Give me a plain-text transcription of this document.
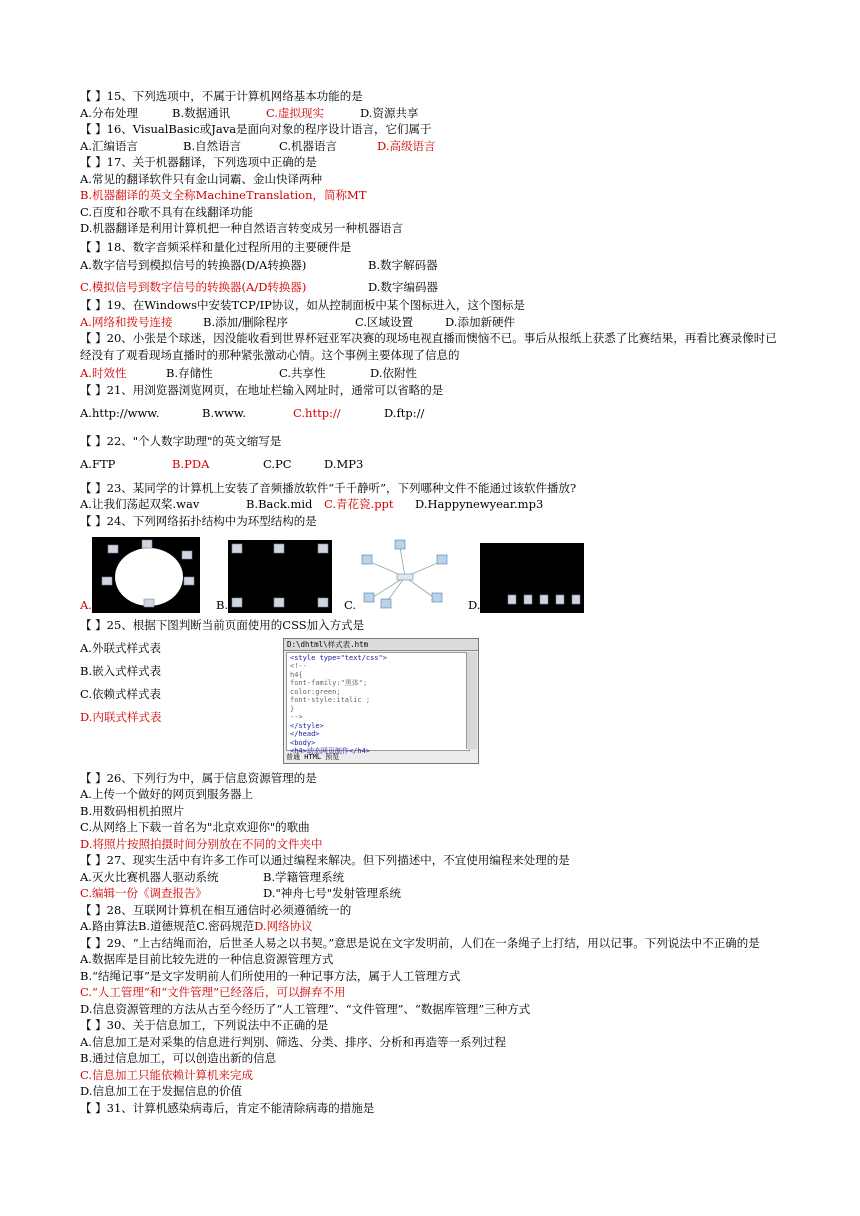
【 】15、下列选项中，不属于计算机网络基本功能的是
A.分布处理	B.数据通讯	C.虚拟现实	D.资源共享
【 】16、VisualBasic或Java是面向对象的程序设计语言，它们属于
A.汇编语言	B.自然语言	C.机器语言	D.高级语言
【 】17、关于机器翻译，下列选项中正确的是
A.常见的翻译软件只有金山词霸、金山快译两种
B.机器翻译的英文全称MachineTranslation，简称MT
C.百度和谷歌不具有在线翻译功能
D.机器翻译是利用计算机把一种自然语言转变成另一种机器语言
【 】18、数字音频采样和量化过程所用的主要硬件是
A.数字信号到模拟信号的转换器(D/A转换器)	B.数字解码器
C.模拟信号到数字信号的转换器(A/D转换器)	D.数字编码器
【 】19、在Windows中安装TCP/IP协议，如从控制面板中某个图标进入，这个图标是
A.网络和拨号连接	B.添加/删除程序	C.区域设置	D.添加新硬件
【 】20、小张是个球迷，因没能收看到世界杯冠亚军决赛的现场电视直播而懊恼不已。事后从报纸上获悉了比赛结果，再看比赛录像时已经没有了观看现场直播时的那种紧张激动心情。这个事例主要体现了信息的
A.时效性	B.存储性	C.共享性	D.依附性
【 】21、用浏览器浏览网页，在地址栏输入网址时，通常可以省略的是
A.http://www.	B.www.	C.http://	D.ftp://
【 】22、"个人数字助理"的英文缩写是
A.FTP	B.PDA	C.PC	D.MP3
【 】23、某同学的计算机上安装了音频播放软件“千千静听”，下列哪种文件不能通过该软件播放?
A.让我们荡起双桨.wav	B.Back.mid	C.青花瓷.ppt	D.Happynewyear.mp3
【 】24、下列网络拓扑结构中为环型结构的是
A.	B.	C.	D.
【 】25、根据下图判断当前页面使用的CSS加入方式是
A.外联式样式表
B.嵌入式样式表
C.依赖式样式表
D.内联式样式表
D:\dhtml\样式表.htm
<style type="text/css">
<!--
h4{
font-family:"黑体";
color:green;
font-style:italic ;
}
-->
</style>
</head>
<body>
<h4>动态网页制作</h4>
普通 HTML 预览
【 】26、下列行为中，属于信息资源管理的是
A.上传一个做好的网页到服务器上
B.用数码相机拍照片
C.从网络上下载一首名为"北京欢迎你"的歌曲
D.将照片按照拍摄时间分别放在不同的文件夹中
【 】27、现实生活中有许多工作可以通过编程来解决。但下列描述中，不宜使用编程来处理的是
A.灭火比赛机器人驱动系统	B.学籍管理系统
C.编辑一份《调查报告》	D."神舟七号"发射管理系统
【 】28、互联网计算机在相互通信时必须遵循统一的
A.路由算法 B.道德规范 C.密码规范 D.网络协议
【 】29、“上古结绳而治，后世圣人易之以书契。”意思是说在文字发明前，人们在一条绳子上打结，用以记事。下列说法中不正确的是
A.数据库是目前比较先进的一种信息资源管理方式
B.“结绳记事”是文字发明前人们所使用的一种记事方法，属于人工管理方式
C.“人工管理”和“文件管理”已经落后，可以摒弃不用
D.信息资源管理的方法从古至今经历了“人工管理”、“文件管理”、“数据库管理”三种方式
【 】30、关于信息加工，下列说法中不正确的是
A.信息加工是对采集的信息进行判别、筛选、分类、排序、分析和再造等一系列过程
B.通过信息加工，可以创造出新的信息
C.信息加工只能依赖计算机来完成
D.信息加工在于发掘信息的价值
【 】31、计算机感染病毒后，肯定不能清除病毒的措施是
